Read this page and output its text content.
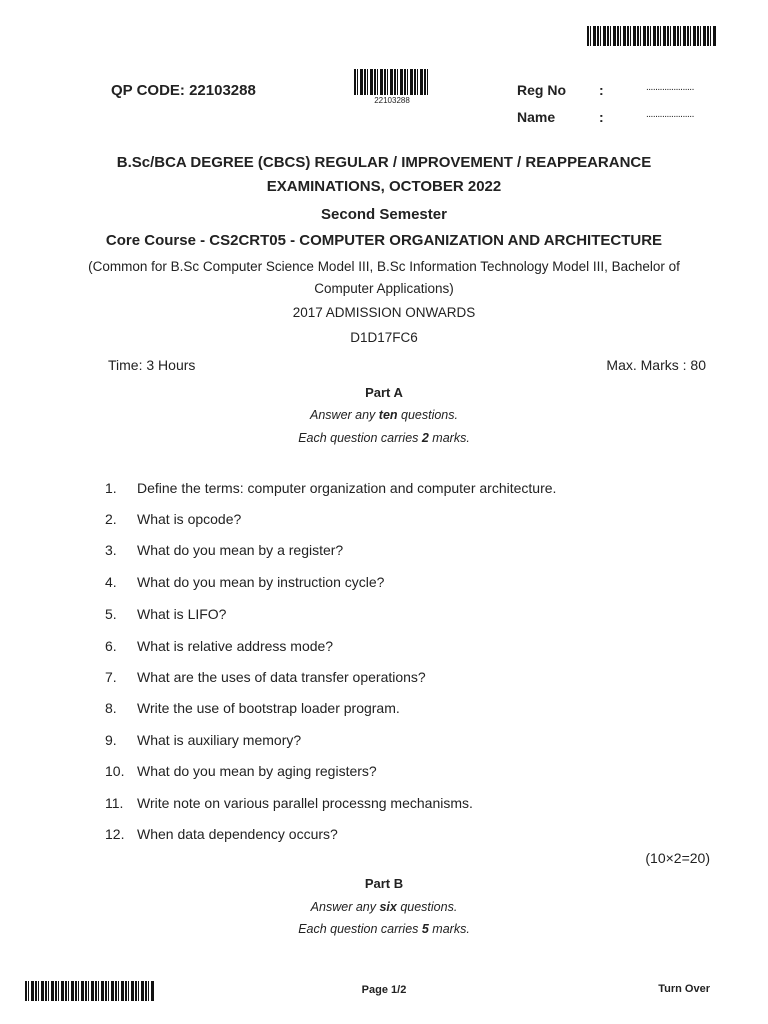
QP CODE: 22103288
22103288
Reg No :	.....................
Name	:	.....................
B.Sc/BCA DEGREE (CBCS) REGULAR / IMPROVEMENT / REAPPEARANCE
EXAMINATIONS, OCTOBER 2022
Second Semester
Core Course - CS2CRT05 - COMPUTER ORGANIZATION AND ARCHITECTURE
(Common for B.Sc Computer Science Model III, B.Sc Information Technology Model III, Bachelor of
Computer Applications)
2017 ADMISSION ONWARDS
D1D17FC6
Time: 3 Hours	Max. Marks : 80
Part A
Answer any ten questions.
Each question carries 2 marks.
1. Define the terms: computer organization and computer architecture.
2. What is opcode?
3. What do you mean by a register?
4. What do you mean by instruction cycle?
5. What is LIFO?
6. What is relative address mode?
7. What are the uses of data transfer operations?
8. Write the use of bootstrap loader program.
9. What is auxiliary memory?
10. What do you mean by aging registers?
11. Write note on various parallel processng mechanisms.
12. When data dependency occurs?
(10×2=20)
Part B
Answer any six questions.
Each question carries 5 marks.
Page 1/2	Turn Over
